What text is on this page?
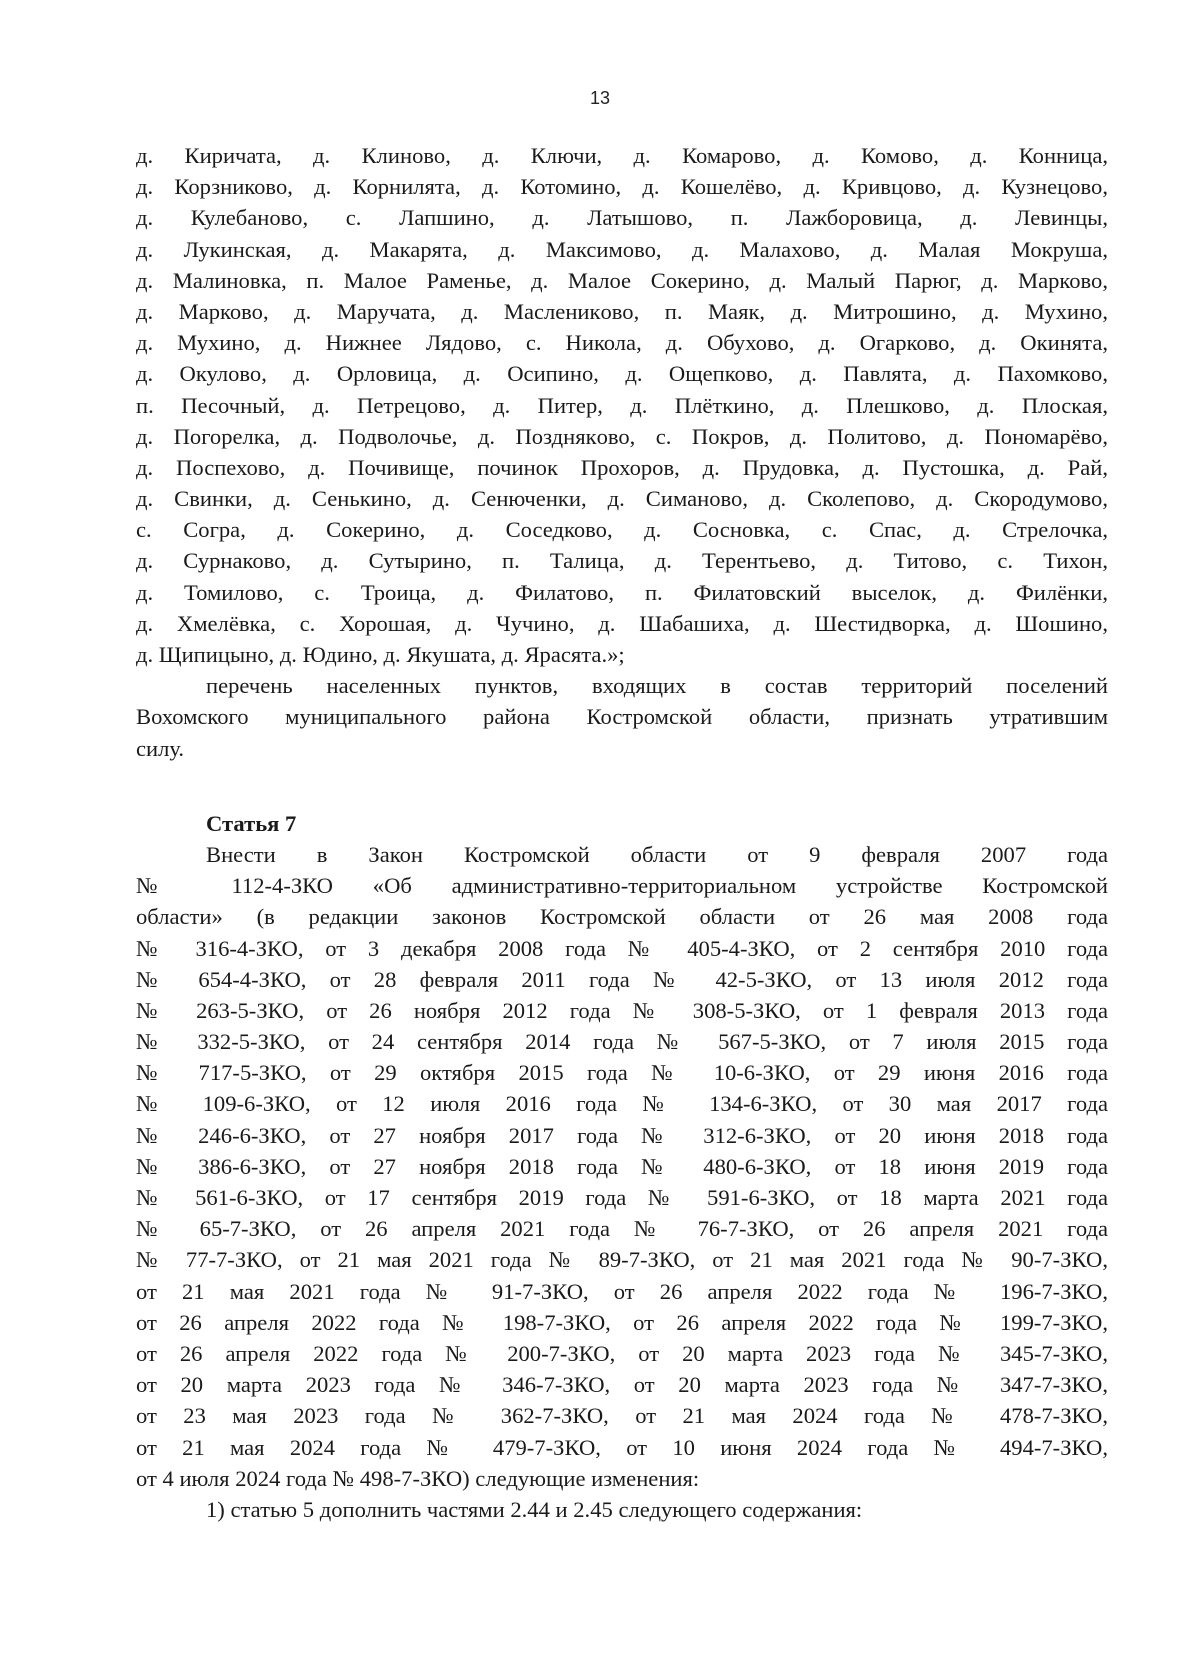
13
д. Киричата, д. Клиново, д. Ключи, д. Комарово, д. Комово, д. Конница,
д. Корзниково, д. Корнилята, д. Котомино, д. Кошелёво, д. Кривцово, д. Кузнецово,
д. Кулебаново, с. Лапшино, д. Латышово, п. Лажборовица, д. Левинцы,
д. Лукинская, д. Макарята, д. Максимово, д. Малахово, д. Малая Мокруша,
д. Малиновка, п. Малое Раменье, д. Малое Сокерино, д. Малый Парюг, д. Марково,
д. Марково, д. Маручата, д. Масленикoво, п. Маяк, д. Митрошино, д. Мухино,
д. Мухино, д. Нижнее Лядово, с. Никола, д. Обухово, д. Огарково, д. Окинята,
д. Окулово, д. Орловица, д. Осипино, д. Ощепково, д. Павлята, д. Пахомково,
п. Песочный, д. Петрецово, д. Питер, д. Плёткино, д. Плешково, д. Плоская,
д. Погорелка, д. Подволочье, д. Позднякoво, с. Покров, д. Политово, д. Пономарёво,
д. Поспехово, д. Почивище, починок Прохоров, д. Прудовка, д. Пустошка, д. Рай,
д. Свинки, д. Сенькино, д. Сенюченки, д. Симаново, д. Сколепово, д. Скородумово,
с. Согра, д. Сокерино, д. Соседково, д. Сосновка, с. Спас, д. Стрелочка,
д. Сурнаково, д. Сутырино, п. Талица, д. Терентьево, д. Титово, с. Тихон,
д. Томилово, с. Троица, д. Филатово, п. Филатовский выселок, д. Филёнки,
д. Хмелёвка, с. Хорошая, д. Чучино, д. Шабашиха, д. Шестидворка, д. Шошино,
д. Щипицыно, д. Юдино, д. Якушата, д. Ярасята.»;
перечень населенных пунктов, входящих в состав территорий поселений
Вохомского муниципального района Костромской области, признать утратившим
силу.
Статья 7
Внести в Закон Костромской области от 9 февраля 2007 года
№ 112-4-ЗКО «Об административно-территориальном устройстве Костромской
области» (в редакции законов Костромской области от 26 мая 2008 года
№ 316-4-ЗКО, от 3 декабря 2008 года № 405-4-ЗКО, от 2 сентября 2010 года
№ 654-4-ЗКО, от 28 февраля 2011 года № 42-5-ЗКО, от 13 июля 2012 года
№ 263-5-ЗКО, от 26 ноября 2012 года № 308-5-ЗКО, от 1 февраля 2013 года
№ 332-5-ЗКО, от 24 сентября 2014 года № 567-5-ЗКО, от 7 июля 2015 года
№ 717-5-ЗКО, от 29 октября 2015 года № 10-6-ЗКО, от 29 июня 2016 года
№ 109-6-ЗКО, от 12 июля 2016 года № 134-6-ЗКО, от 30 мая 2017 года
№ 246-6-ЗКО, от 27 ноября 2017 года № 312-6-ЗКО, от 20 июня 2018 года
№ 386-6-ЗКО, от 27 ноября 2018 года № 480-6-ЗКО, от 18 июня 2019 года
№ 561-6-ЗКО, от 17 сентября 2019 года № 591-6-ЗКО, от 18 марта 2021 года
№ 65-7-ЗКО, от 26 апреля 2021 года № 76-7-ЗКО, от 26 апреля 2021 года
№ 77-7-ЗКО, от 21 мая 2021 года № 89-7-ЗКО, от 21 мая 2021 года № 90-7-ЗКО,
от 21 мая 2021 года № 91-7-ЗКО, от 26 апреля 2022 года № 196-7-ЗКО,
от 26 апреля 2022 года № 198-7-ЗКО, от 26 апреля 2022 года № 199-7-ЗКО,
от 26 апреля 2022 года № 200-7-ЗКО, от 20 марта 2023 года № 345-7-ЗКО,
от 20 марта 2023 года № 346-7-ЗКО, от 20 марта 2023 года № 347-7-ЗКО,
от 23 мая 2023 года № 362-7-ЗКО, от 21 мая 2024 года № 478-7-ЗКО,
от 21 мая 2024 года № 479-7-ЗКО, от 10 июня 2024 года № 494-7-ЗКО,
от 4 июля 2024 года № 498-7-ЗКО) следующие изменения:
1) статью 5 дополнить частями 2.44 и 2.45 следующего содержания:
